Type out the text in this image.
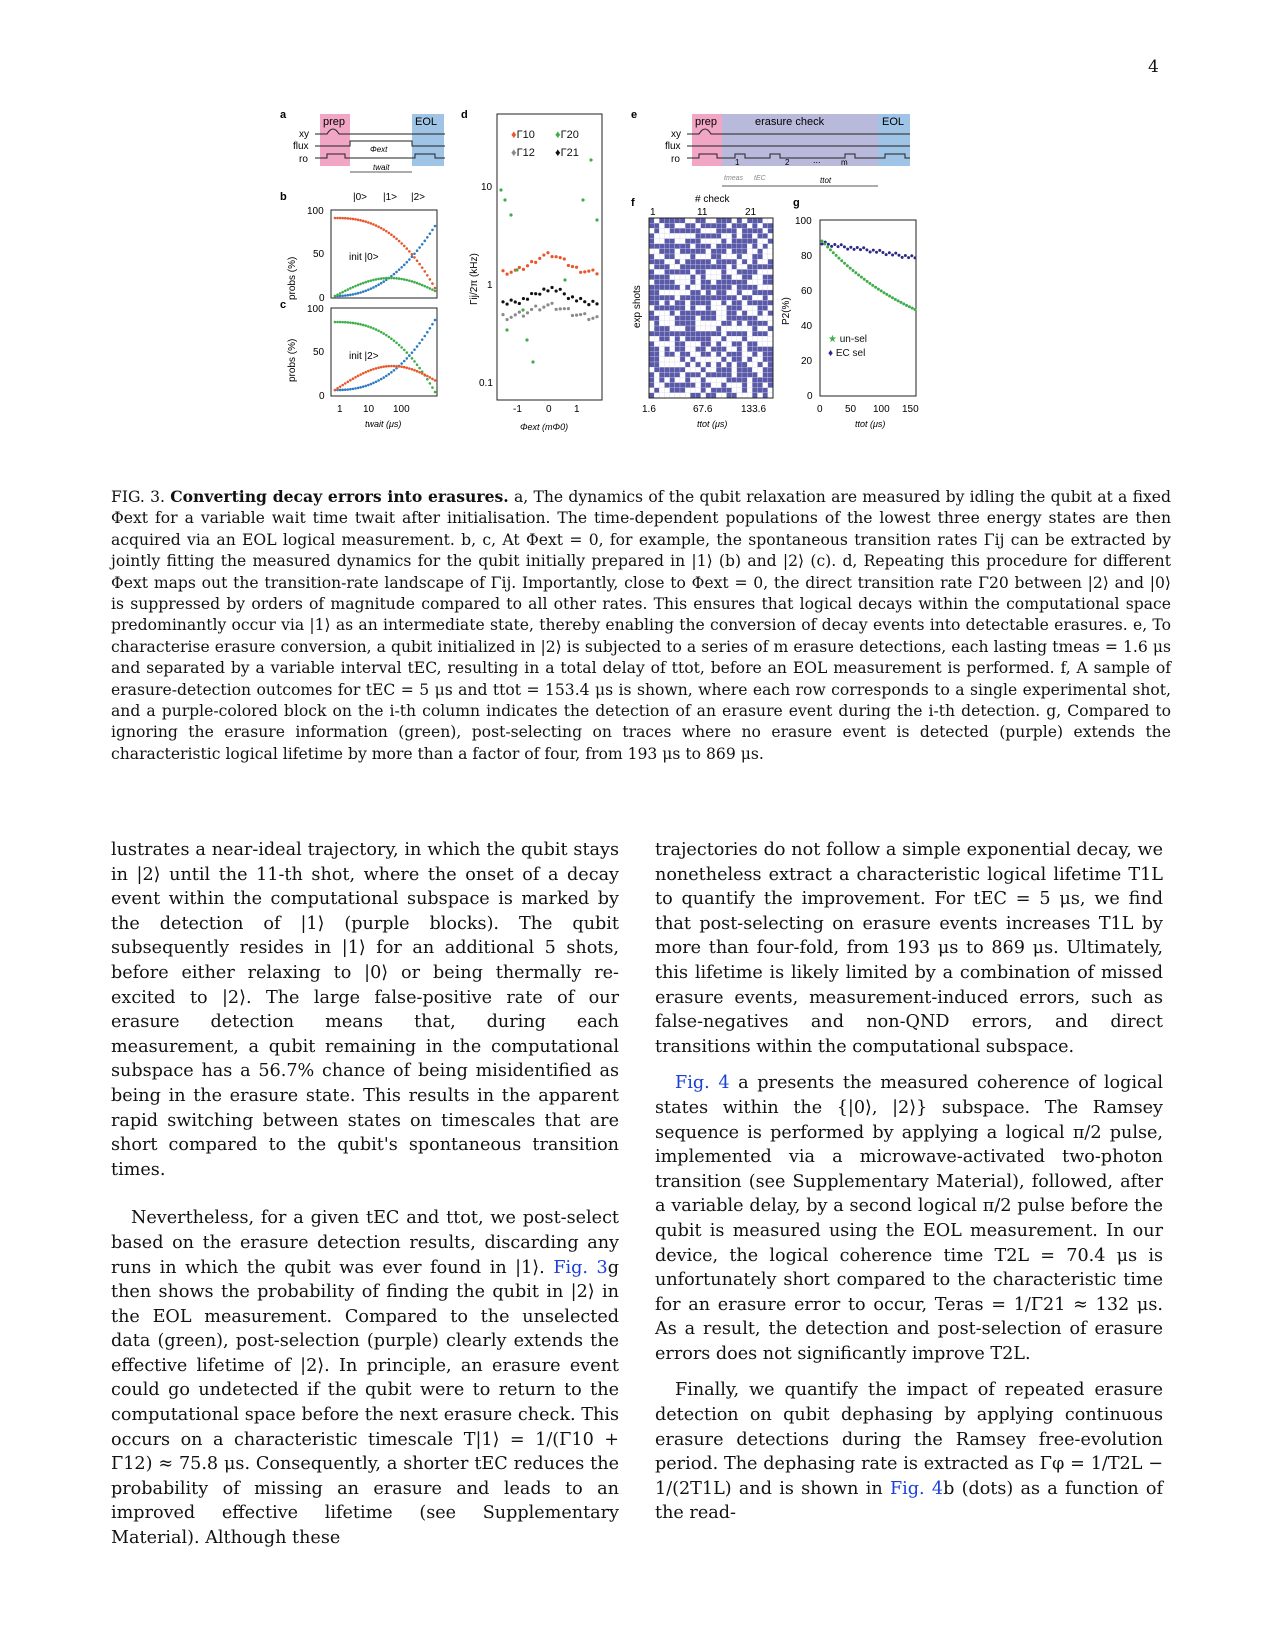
4
a
prep	EOL
xy
flux
ro
Φext
twait
b	|0> |1> |2>
100
50
0
init |0>
probs (%)
c 100
50
0
init |2>
probs (%)
1 10 100
twait (μs)
d
♦Γ10 ♦Γ20
♦Γ12 ♦Γ21
10
1
0.1
Γij/2π (kHz)
-1 0 1
Φext (mΦ0)
e
prep	erasure check	EOL
xy
flux
ro	1	2	...	m
tmeas tEC	ttot
f	# check
1	11	21
exp shots
1.6	67.6	133.6
ttot (μs)
g
P2(%)
100
80
60
40
20
0
0 50 100 150
ttot (μs)
★ un-sel
♦ EC sel
FIG. 3. Converting decay errors into erasures. a, The dynamics of the qubit relaxation are measured by idling the qubit at a fixed Φext for a variable wait time twait after initialisation. The time-dependent populations of the lowest three energy states are then acquired via an EOL logical measurement. b, c, At Φext = 0, for example, the spontaneous transition rates Γij can be extracted by jointly fitting the measured dynamics for the qubit initially prepared in |1⟩ (b) and |2⟩ (c). d, Repeating this procedure for different Φext maps out the transition-rate landscape of Γij. Importantly, close to Φext = 0, the direct transition rate Γ20 between |2⟩ and |0⟩ is suppressed by orders of magnitude compared to all other rates. This ensures that logical decays within the computational space predominantly occur via |1⟩ as an intermediate state, thereby enabling the conversion of decay events into detectable erasures. e, To characterise erasure conversion, a qubit initialized in |2⟩ is subjected to a series of m erasure detections, each lasting tmeas = 1.6 μs and separated by a variable interval tEC, resulting in a total delay of ttot, before an EOL measurement is performed. f, A sample of erasure-detection outcomes for tEC = 5 μs and ttot = 153.4 μs is shown, where each row corresponds to a single experimental shot, and a purple-colored block on the i-th column indicates the detection of an erasure event during the i-th detection. g, Compared to ignoring the erasure information (green), post-selecting on traces where no erasure event is detected (purple) extends the characteristic logical lifetime by more than a factor of four, from 193 μs to 869 μs.

lustrates a near-ideal trajectory, in which the qubit stays in |2⟩ until the 11-th shot, where the onset of a decay event within the computational subspace is marked by the detection of |1⟩ (purple blocks). The qubit subsequently resides in |1⟩ for an additional 5 shots, before either relaxing to |0⟩ or being thermally re-excited to |2⟩. The large false-positive rate of our erasure detection means that, during each measurement, a qubit remaining in the computational subspace has a 56.7% chance of being misidentified as being in the erasure state. This results in the apparent rapid switching between states on timescales that are short compared to the qubit's spontaneous transition times.

Nevertheless, for a given tEC and ttot, we post-select based on the erasure detection results, discarding any runs in which the qubit was ever found in |1⟩. Fig. 3g then shows the probability of finding the qubit in |2⟩ in the EOL measurement. Compared to the unselected data (green), post-selection (purple) clearly extends the effective lifetime of |2⟩. In principle, an erasure event could go undetected if the qubit were to return to the computational space before the next erasure check. This occurs on a characteristic timescale T|1⟩ = 1/(Γ10 + Γ12) ≈ 75.8 μs. Consequently, a shorter tEC reduces the probability of missing an erasure and leads to an improved effective lifetime (see Supplementary Material). Although these

trajectories do not follow a simple exponential decay, we nonetheless extract a characteristic logical lifetime T1L to quantify the improvement. For tEC = 5 μs, we find that post-selecting on erasure events increases T1L by more than four-fold, from 193 μs to 869 μs. Ultimately, this lifetime is likely limited by a combination of missed erasure events, measurement-induced errors, such as false-negatives and non-QND errors, and direct transitions within the computational subspace.

Fig. 4 a presents the measured coherence of logical states within the {|0⟩, |2⟩} subspace. The Ramsey sequence is performed by applying a logical π/2 pulse, implemented via a microwave-activated two-photon transition (see Supplementary Material), followed, after a variable delay, by a second logical π/2 pulse before the qubit is measured using the EOL measurement. In our device, the logical coherence time T2L = 70.4 μs is unfortunately short compared to the characteristic time for an erasure error to occur, Teras = 1/Γ21 ≈ 132 μs. As a result, the detection and post-selection of erasure errors does not significantly improve T2L.

Finally, we quantify the impact of repeated erasure detection on qubit dephasing by applying continuous erasure detections during the Ramsey free-evolution period. The dephasing rate is extracted as Γφ = 1/T2L − 1/(2T1L) and is shown in Fig. 4b (dots) as a function of the read-
